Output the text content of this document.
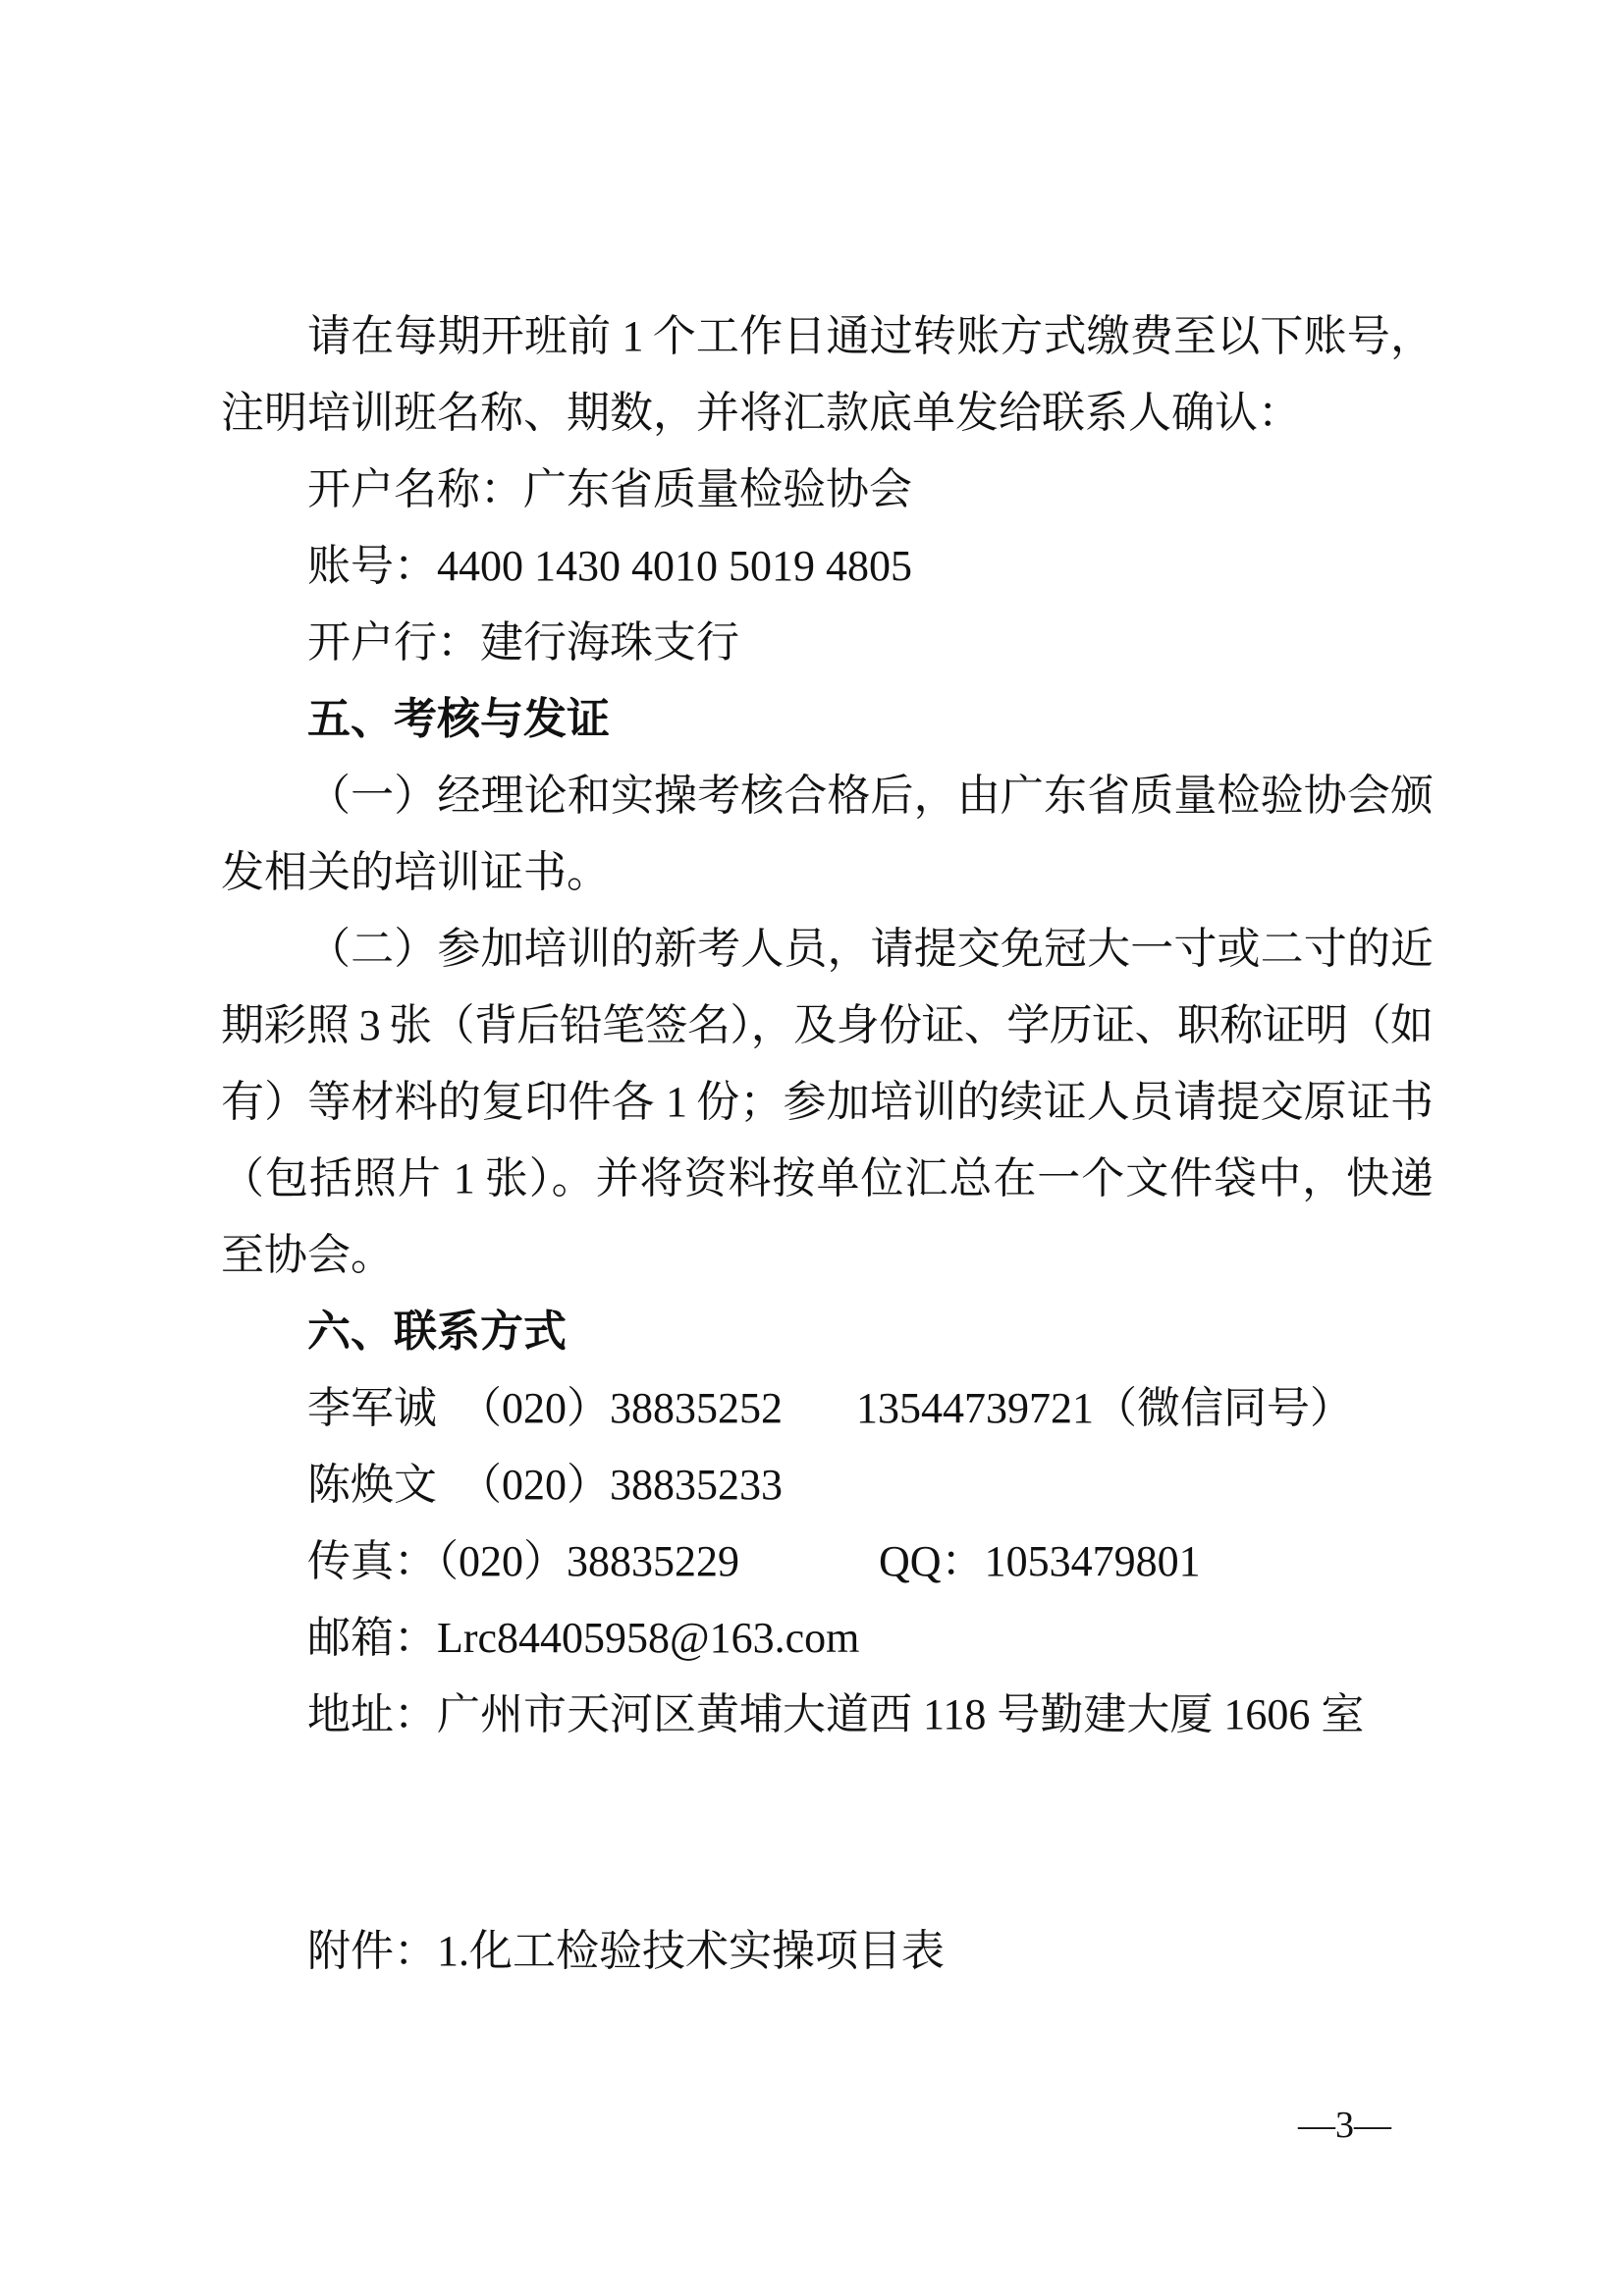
请在每期开班前 1 个工作日通过转账方式缴费至以下账号，
注明培训班名称、期数，并将汇款底单发给联系人确认：
开户名称：广东省质量检验协会
账号：4400 1430 4010 5019 4805
开户行：建行海珠支行
五、考核与发证
（一）经理论和实操考核合格后，由广东省质量检验协会颁
发相关的培训证书。
（二）参加培训的新考人员，请提交免冠大一寸或二寸的近
期彩照 3 张（背后铅笔签名），及身份证、学历证、职称证明（如
有）等材料的复印件各 1 份；参加培训的续证人员请提交原证书
（包括照片 1 张）。并将资料按单位汇总在一个文件袋中，快递
至协会。
六、联系方式
李军诚 （020）38835252 13544739721（微信同号）
陈焕文 （020）38835233
传真：（020）38835229	QQ：1053479801
邮箱：Lrc84405958@163.com
地址：广州市天河区黄埔大道西 118 号勤建大厦 1606 室
附件：1.化工检验技术实操项目表
—3—
